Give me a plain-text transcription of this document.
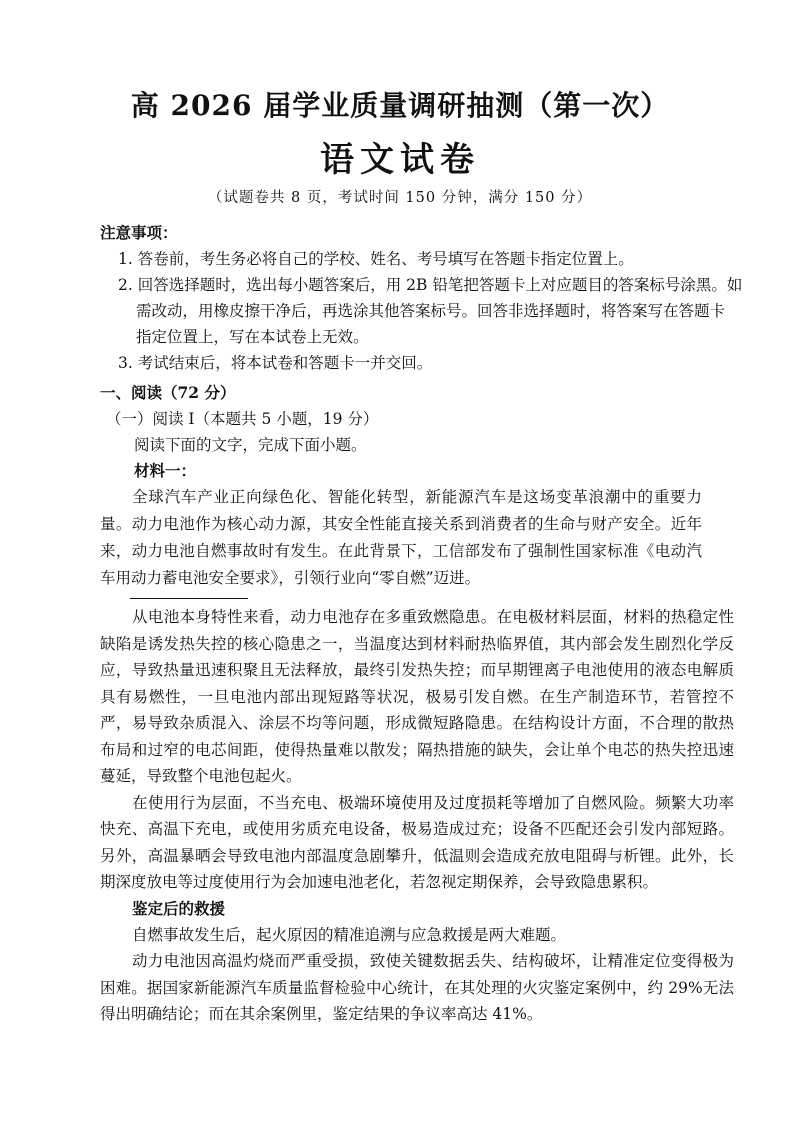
高 2026 届学业质量调研抽测（第一次）
语文试卷
（试题卷共 8 页，考试时间 150 分钟，满分 150 分）

注意事项：

1. 答卷前，考生务必将自己的学校、姓名、考号填写在答题卡指定位置上。

2. 回答选择题时，选出每小题答案后，用 2B 铅笔把答题卡上对应题目的答案标号涂黑。如

需改动，用橡皮擦干净后，再选涂其他答案标号。回答非选择题时，将答案写在答题卡

指定位置上，写在本试卷上无效。

3. 考试结束后，将本试卷和答题卡一并交回。

一、阅读（72 分）

（一）阅读 I（本题共 5 小题，19 分）

阅读下面的文字，完成下面小题。

材料一：

全球汽车产业正向绿色化、智能化转型，新能源汽车是这场变革浪潮中的重要力量。动力电池作为核心动力源，其安全性能直接关系到消费者的生命与财产安全。近年来，动力电池自燃事故时有发生。在此背景下，工信部发布了强制性国家标准《电动汽车用动力蓄电池安全要求》，引领行业向“零自燃”迈进。

从电池本身特性来看，动力电池存在多重致燃隐患。在电极材料层面，材料的热稳定性缺陷是诱发热失控的核心隐患之一，当温度达到材料耐热临界值，其内部会发生剧烈化学反应，导致热量迅速积聚且无法释放，最终引发热失控；而早期锂离子电池使用的液态电解质具有易燃性，一旦电池内部出现短路等状况，极易引发自燃。在生产制造环节，若管控不严，易导致杂质混入、涂层不均等问题，形成微短路隐患。在结构设计方面，不合理的散热布局和过窄的电芯间距，使得热量难以散发；隔热措施的缺失，会让单个电芯的热失控迅速蔓延，导致整个电池包起火。

在使用行为层面，不当充电、极端环境使用及过度损耗等增加了自燃风险。频繁大功率快充、高温下充电，或使用劣质充电设备，极易造成过充；设备不匹配还会引发内部短路。另外，高温暴晒会导致电池内部温度急剧攀升，低温则会造成充放电阻碍与析锂。此外，长期深度放电等过度使用行为会加速电池老化，若忽视定期保养，会导致隐患累积。

鉴定后的救援

自燃事故发生后，起火原因的精准追溯与应急救援是两大难题。

动力电池因高温灼烧而严重受损，致使关键数据丢失、结构破坏，让精准定位变得极为困难。据国家新能源汽车质量监督检验中心统计，在其处理的火灾鉴定案例中，约 29%无法得出明确结论；而在其余案例里，鉴定结果的争议率高达 41%。
